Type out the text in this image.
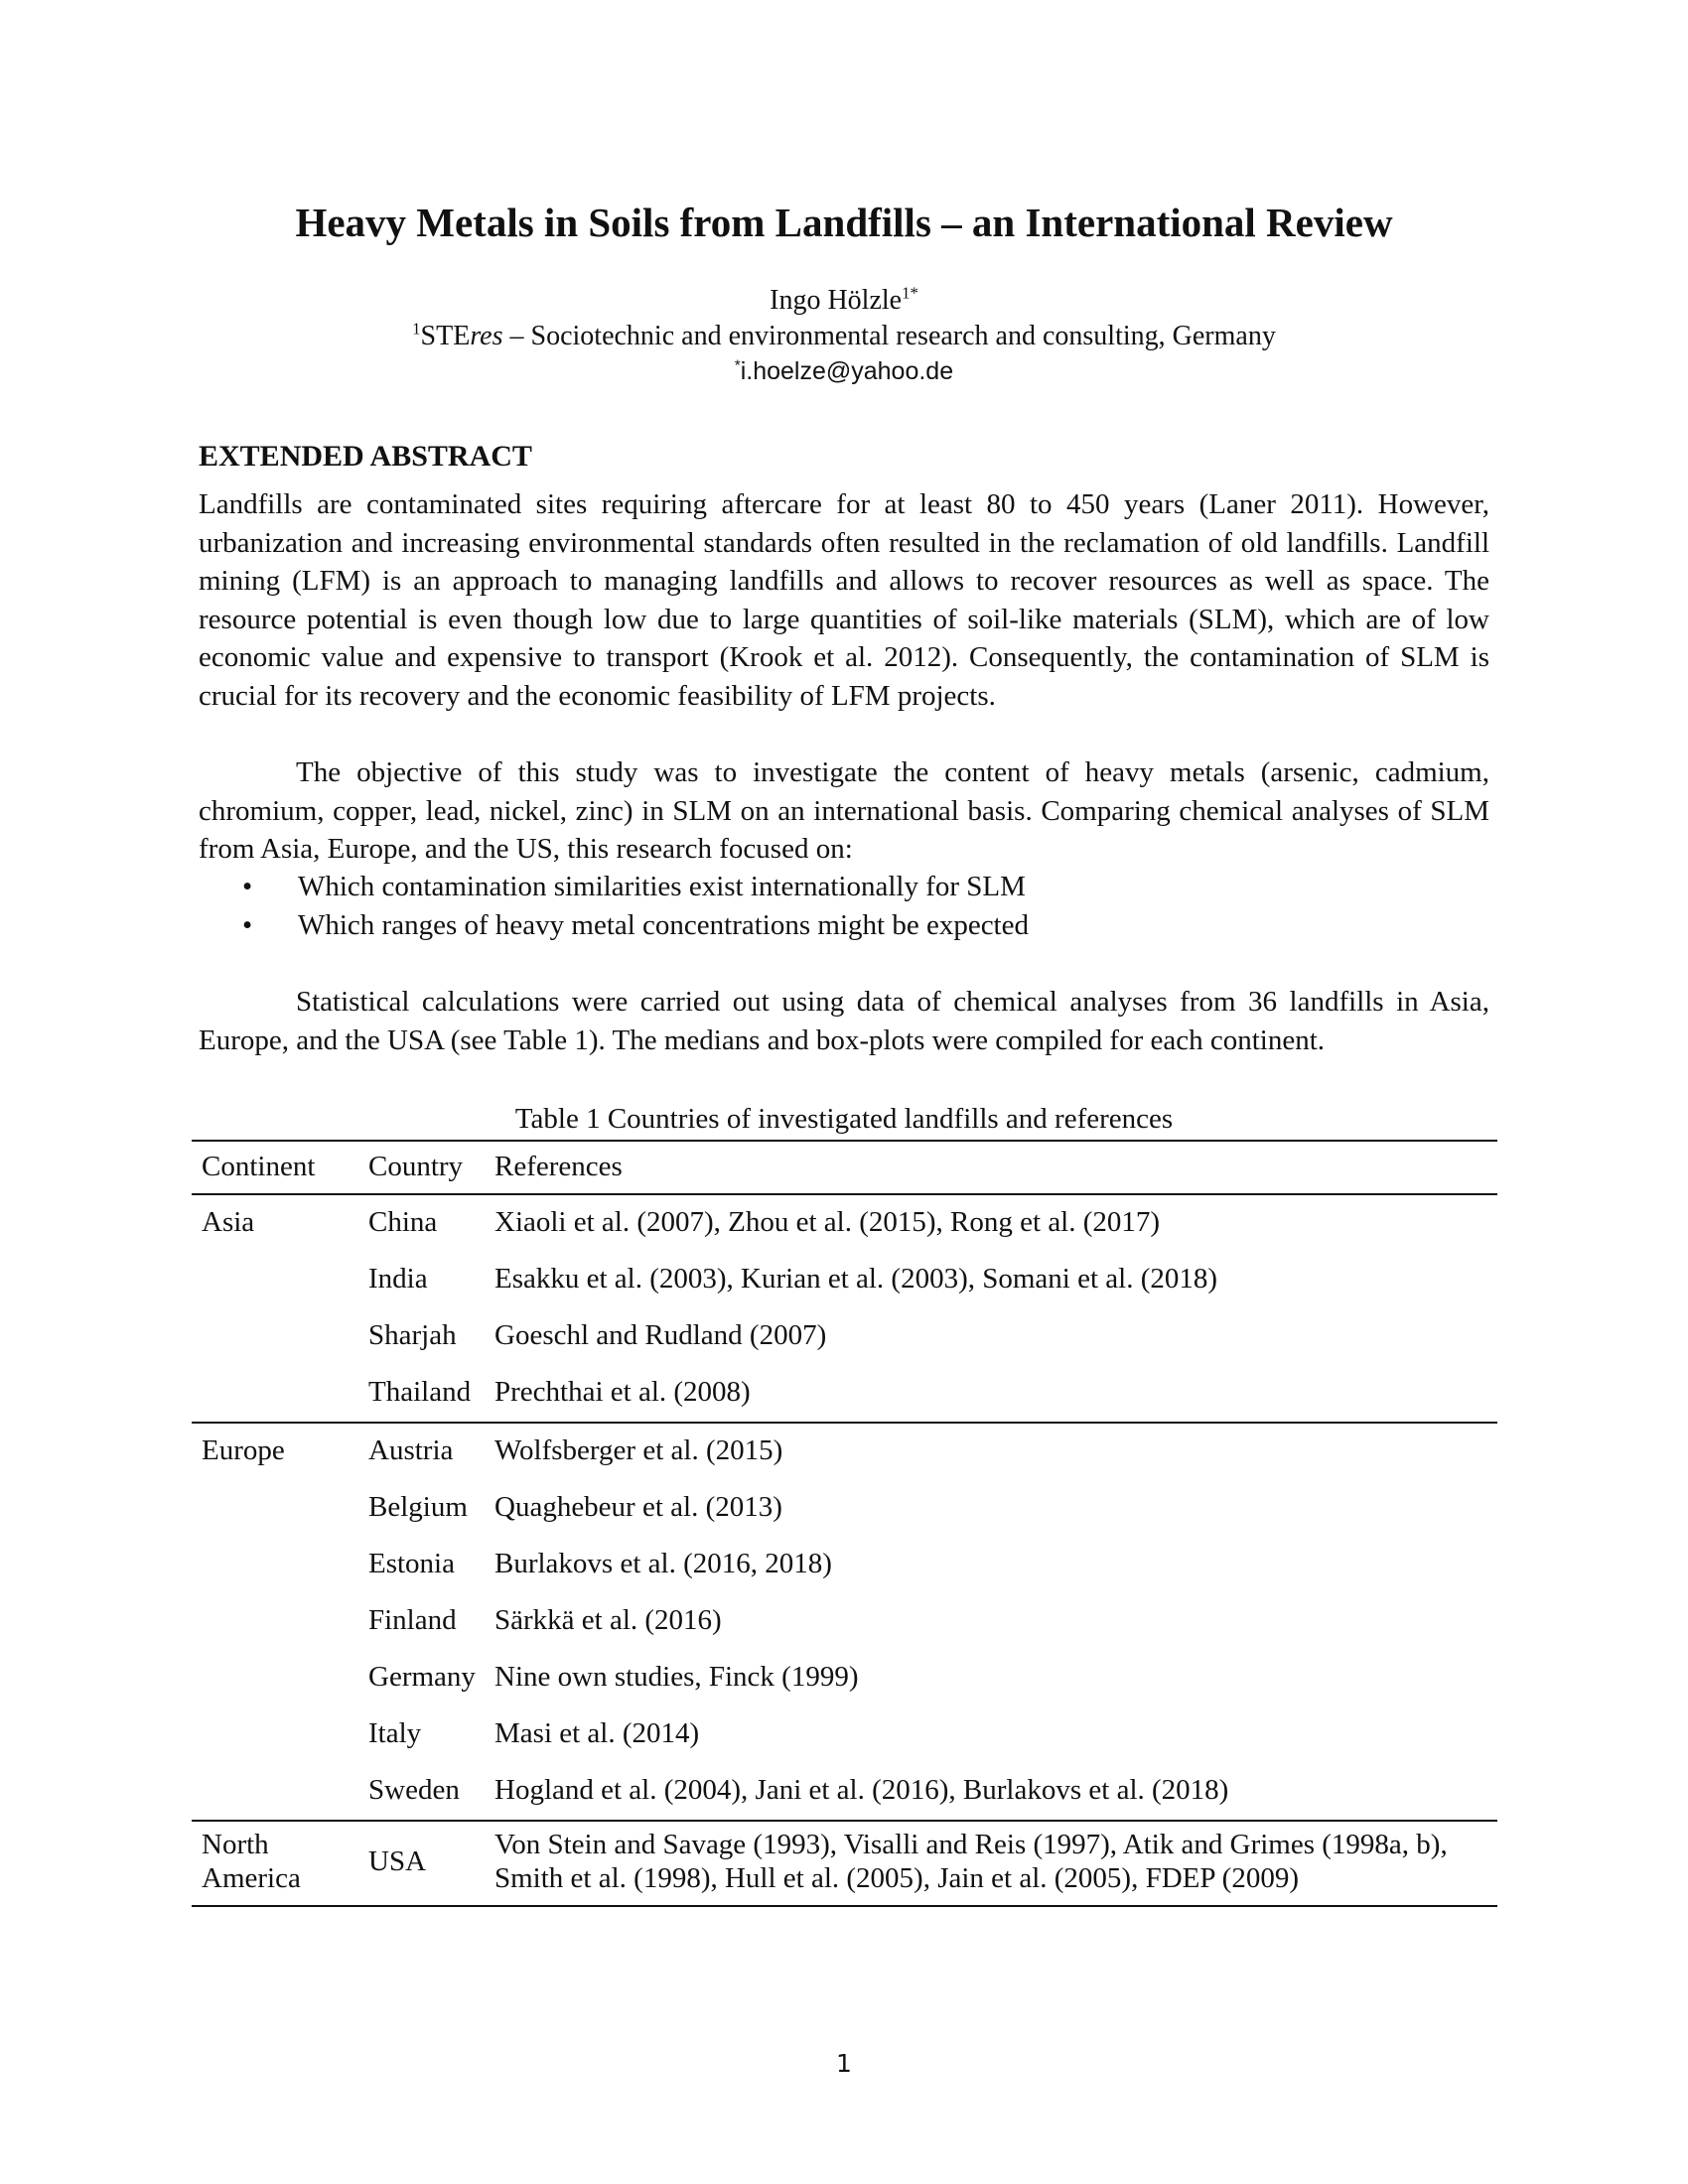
Heavy Metals in Soils from Landfills – an International Review
Ingo Hölzle$^{1*}$
$^1$STEres – Sociotechnic and environmental research and consulting, Germany
*i.hoelze@yahoo.de
EXTENDED ABSTRACT

Landfills are contaminated sites requiring aftercare for at least 80 to 450 years (Laner 2011). However, urbanization and increasing environmental standards often resulted in the reclamation of old landfills. Landfill mining (LFM) is an approach to managing landfills and allows to recover resources as well as space. The resource potential is even though low due to large quantities of soil-like materials (SLM), which are of low economic value and expensive to transport (Krook et al. 2012). Consequently, the contamination of SLM is crucial for its recovery and the economic feasibility of LFM projects.

The objective of this study was to investigate the content of heavy metals (arsenic, cadmium, chromium, copper, lead, nickel, zinc) in SLM on an international basis. Comparing chemical analyses of SLM from Asia, Europe, and the US, this research focused on:

• Which contamination similarities exist internationally for SLM
• Which ranges of heavy metal concentrations might be expected

Statistical calculations were carried out using data of chemical analyses from 36 landfills in Asia, Europe, and the USA (see Table 1). The medians and box-plots were compiled for each continent.

Table 1 Countries of investigated landfills and references
Continent	Country	References
Asia	China	Xiaoli et al. (2007), Zhou et al. (2015), Rong et al. (2017)
	India	Esakku et al. (2003), Kurian et al. (2003), Somani et al. (2018)
	Sharjah	Goeschl and Rudland (2007)
	Thailand	Prechthai et al. (2008)
Europe	Austria	Wolfsberger et al. (2015)
	Belgium	Quaghebeur et al. (2013)
	Estonia	Burlakovs et al. (2016, 2018)
	Finland	Särkkä et al. (2016)
	Germany	Nine own studies, Finck (1999)
	Italy	Masi et al. (2014)
	Sweden	Hogland et al. (2004), Jani et al. (2016), Burlakovs et al. (2018)
North America	USA	Von Stein and Savage (1993), Visalli and Reis (1997), Atik and Grimes (1998a, b), Smith et al. (1998), Hull et al. (2005), Jain et al. (2005), FDEP (2009)
1
